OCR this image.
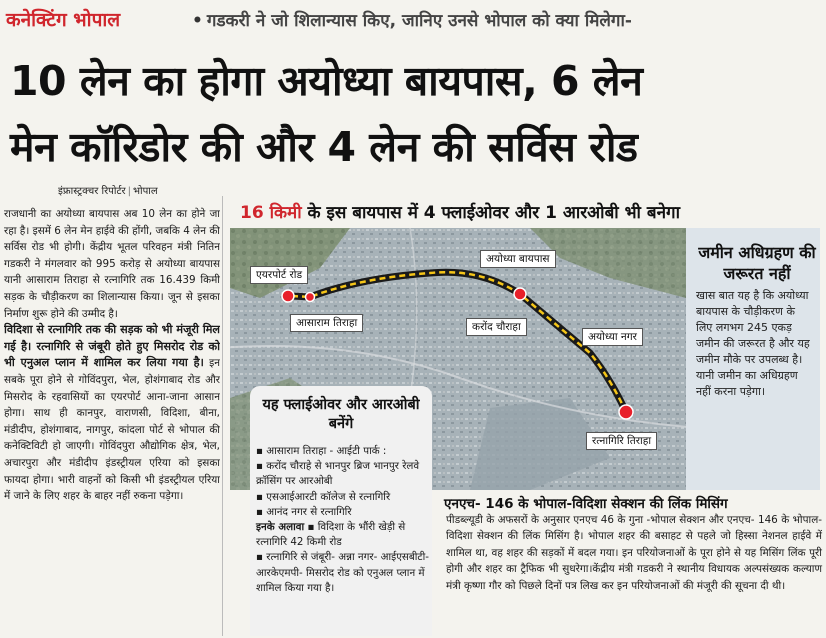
कनेक्टिंग भोपाल	• गडकरी ने जो शिलान्यास किए, जानिए उनसे भोपाल को क्या मिलेगा-
10 लेन का होगा अयोध्या बायपास, 6 लेन
मेन कॉरिडोर की और 4 लेन की सर्विस रोड
इंफ्रास्ट्रक्चर रिपोर्टर | भोपाल

राजधानी का अयोध्या बायपास अब 10 लेन का होने जा रहा है। इसमें 6 लेन मेन हाईवे की होंगी, जबकि 4 लेन की सर्विस रोड भी होगी। केंद्रीय भूतल परिवहन मंत्री नितिन गडकरी ने मंगलवार को 995 करोड़ से अयोध्या बायपास यानी आसाराम तिराहा से रत्नागिरि तक 16.439 किमी सड़क के चौड़ीकरण का शिलान्यास किया। जून से इसका निर्माण शुरू होने की उम्मीद है।

विदिशा से रत्नागिरि तक की सड़क को भी मंजूरी मिल गई है। रत्नागिरि से जंबूरी होते हुए मिसरोद रोड को भी एनुअल प्लान में शामिल कर लिया गया है। इन सबके पूरा होने से गोविंदपुरा, भेल, होशंगाबाद रोड और मिसरोद के रहवासियों का एयरपोर्ट आना-जाना आसान होगा। साथ ही कानपुर, वाराणसी, विदिशा, बीना, मंडीदीप, होशंगाबाद, नागपुर, कांदला पोर्ट से भोपाल की कनेक्टिविटी हो जाएगी। गोविंदपुरा औद्योगिक क्षेत्र, भेल, अचारपुरा और मंडीदीप इंडस्ट्रीयल एरिया को इसका फायदा होगा। भारी वाहनों को किसी भी इंडस्ट्रीयल एरिया में जाने के लिए शहर के बाहर नहीं रुकना पड़ेगा।

16 किमी के इस बायपास में 4 फ्लाईओवर और 1 आरओबी भी बनेगा
एयरपोर्ट रोड
आसाराम तिराहा
अयोध्या बायपास
करोंद चौराहा
अयोध्या नगर
रत्नागिरि तिराहा
जमीन अधिग्रहण की जरूरत नहीं
खास बात यह है कि अयोध्या बायपास के चौड़ीकरण के लिए लगभग 245 एकड़ जमीन की जरूरत है और यह जमीन मौके पर उपलब्ध है। यानी जमीन का अधिग्रहण नहीं करना पड़ेगा।
यह फ्लाईओवर और आरओबी बनेंगे
▪ आसाराम तिराहा - आईटी पार्क :
▪ करोंद चौराहे से भानपुर ब्रिज भानपुर रेलवे क्रॉसिंग पर आरओबी
▪ एसआईआरटी कॉलेज से रत्नागिरि
▪ आनंद नगर से रत्नागिरि
इनके अलावा ▪ विदिशा के भौंरी खेड़ी से रत्नागिरि 42 किमी रोड
▪ रत्नागिरि से जंबूरी- अन्ना नगर- आईएसबीटी-आरकेएमपी- मिसरोद रोड को एनुअल प्लान में शामिल किया गया है।
एनएच- 146 के भोपाल-विदिशा सेक्शन की लिंक मिसिंग
पीडब्ल्यूडी के अफसरों के अनुसार एनएच 46 के गुना -भोपाल सेक्शन और एनएच- 146 के भोपाल-विदिशा सेक्शन की लिंक मिसिंग है। भोपाल शहर की बसाहट से पहले जो हिस्सा नेशनल हाईवे में शामिल था, वह शहर की सड़कों में बदल गया। इन परियोजनाओं के पूरा होने से यह मिसिंग लिंक पूरी होगी और शहर का ट्रैफिक भी सुधरेगा।केंद्रीय मंत्री गडकरी ने स्थानीय विधायक अल्पसंख्यक कल्याण मंत्री कृष्णा गौर को पिछले दिनों पत्र लिख कर इन परियोजनाओं की मंजूरी की सूचना दी थी।
